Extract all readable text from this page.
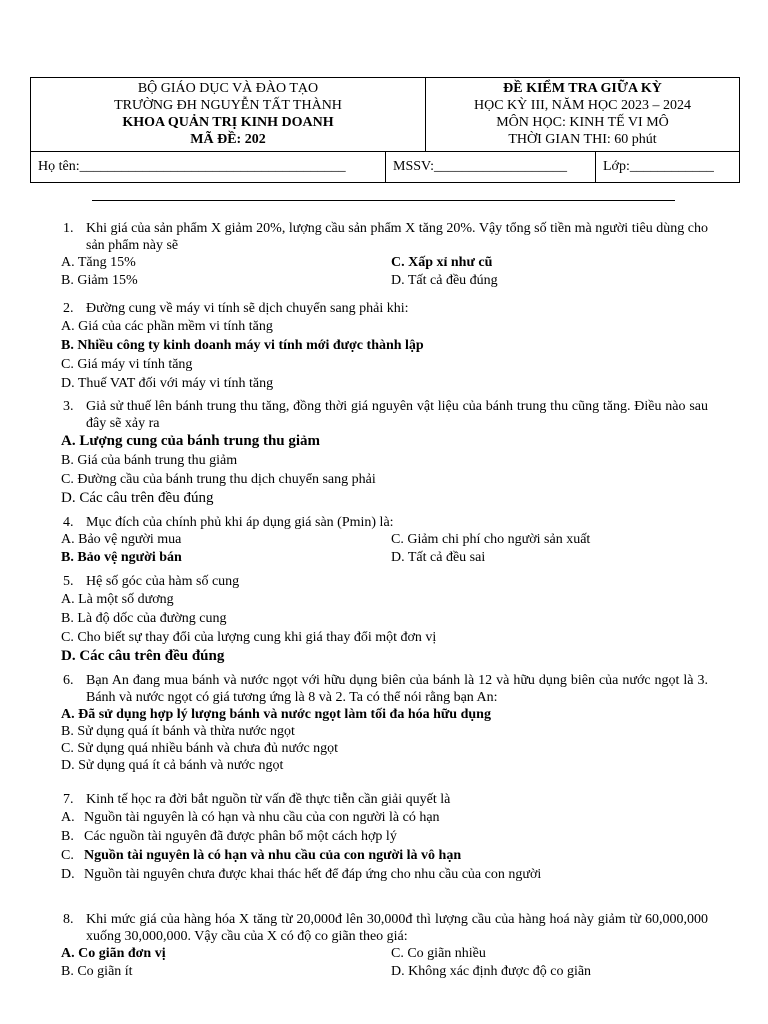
BỘ GIÁO DỤC VÀ ĐÀO TẠO
TRƯỜNG ĐH NGUYỄN TẤT THÀNH
KHOA QUẢN TRỊ KINH DOANH
MÃ ĐỀ: 202
ĐỀ KIỂM TRA GIỮA KỲ
HỌC KỲ III, NĂM HỌC 2023 – 2024
MÔN HỌC: KINH TẾ VI MÔ
THỜI GIAN THI: 60 phút
Họ tên:______________________________________	MSSV:___________________	Lớp:____________
1. Khi giá của sản phẩm X giảm 20%, lượng cầu sản phẩm X tăng 20%. Vậy tổng số tiền mà người tiêu dùng cho sản phẩm này sẽ
A. Tăng 15%	C. Xấp xỉ như cũ
B. Giảm 15%	D. Tất cả đều đúng
2. Đường cung về máy vi tính sẽ dịch chuyển sang phải khi:
A. Giá của các phần mềm vi tính tăng
B. Nhiều công ty kinh doanh máy vi tính mới được thành lập
C. Giá máy vi tính tăng
D. Thuế VAT đối với máy vi tính tăng
3. Giả sử thuế lên bánh trung thu tăng, đồng thời giá nguyên vật liệu của bánh trung thu cũng tăng. Điều nào sau đây sẽ xảy ra
A. Lượng cung của bánh trung thu giảm
B. Giá của bánh trung thu giảm
C. Đường cầu của bánh trung thu dịch chuyển sang phải
D. Các câu trên đều đúng
4. Mục đích của chính phủ khi áp dụng giá sàn (Pmin) là:
A. Bảo vệ người mua	C. Giảm chi phí cho người sản xuất
B. Bảo vệ người bán	D. Tất cả đều sai
5. Hệ số góc của hàm số cung
A. Là một số dương
B. Là độ dốc của đường cung
C. Cho biết sự thay đổi của lượng cung khi giá thay đổi một đơn vị
D. Các câu trên đều đúng
6. Bạn An đang mua bánh và nước ngọt với hữu dụng biên của bánh là 12 và hữu dụng biên của nước ngọt là 3. Bánh và nước ngọt có giá tương ứng là 8 và 2. Ta có thể nói rằng bạn An:
A. Đã sử dụng hợp lý lượng bánh và nước ngọt làm tối đa hóa hữu dụng
B. Sử dụng quá ít bánh và thừa nước ngọt
C. Sử dụng quá nhiều bánh và chưa đủ nước ngọt
D. Sử dụng quá ít cả bánh và nước ngọt
7. Kinh tế học ra đời bắt nguồn từ vấn đề thực tiễn cần giải quyết là
A. Nguồn tài nguyên là có hạn và nhu cầu của con người là có hạn
B. Các nguồn tài nguyên đã được phân bổ một cách hợp lý
C. Nguồn tài nguyên là có hạn và nhu cầu của con người là vô hạn
D. Nguồn tài nguyên chưa được khai thác hết để đáp ứng cho nhu cầu của con người
8. Khi mức giá của hàng hóa X tăng từ 20,000đ lên 30,000đ thì lượng cầu của hàng hoá này giảm từ 60,000,000 xuống 30,000,000. Vậy cầu của X có độ co giãn theo giá:
A. Co giãn đơn vị	C. Co giãn nhiều
B. Co giãn ít	D. Không xác định được độ co giãn
